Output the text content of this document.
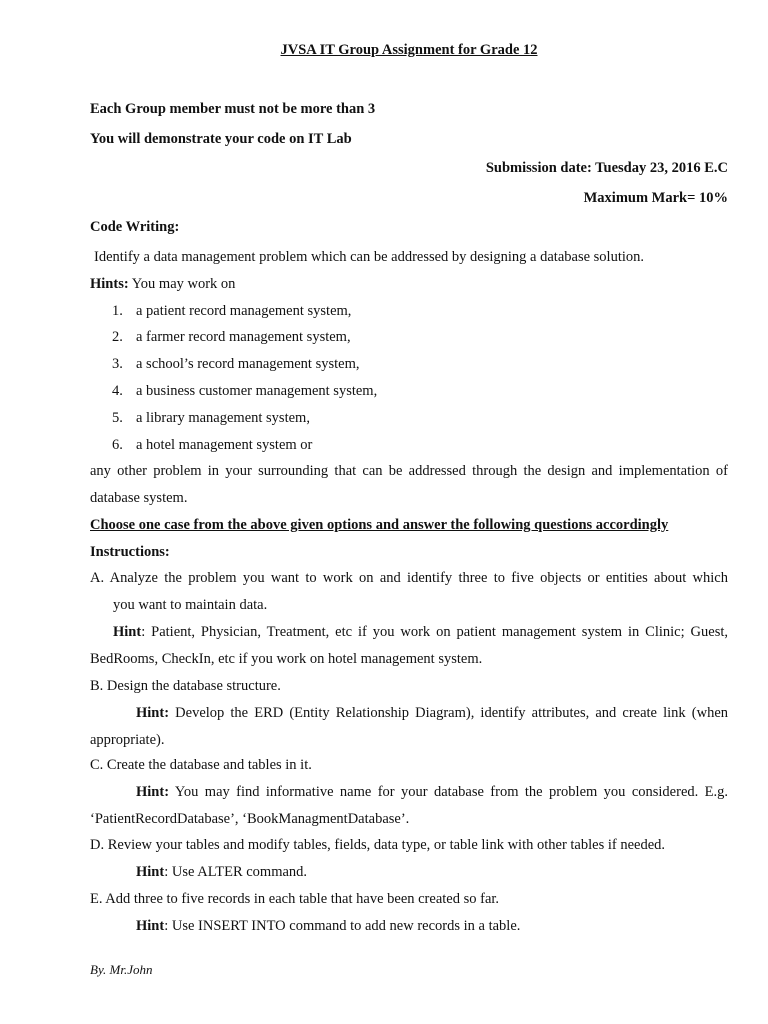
JVSA IT Group Assignment for Grade 12
Each Group member must not be more than 3
You will demonstrate your code on IT Lab
Submission date: Tuesday 23, 2016 E.C
Maximum Mark= 10%
Code Writing:
Identify a data management problem which can be addressed by designing a database solution.
Hints: You may work on
1. a patient record management system,
2. a farmer record management system,
3. a school’s record management system,
4. a business customer management system,
5. a library management system,
6. a hotel management system or
any other problem in your surrounding that can be addressed through the design and implementation of
database system.
Choose one case from the above given options and answer the following questions accordingly
Instructions:
A. Analyze the problem you want to work on and identify three to five objects or entities about which
you want to maintain data.
Hint: Patient, Physician, Treatment, etc if you work on patient management system in Clinic; Guest,
BedRooms, CheckIn, etc if you work on hotel management system.
B. Design the database structure.
Hint: Develop the ERD (Entity Relationship Diagram), identify attributes, and create link (when
appropriate).
C. Create the database and tables in it.
Hint: You may find informative name for your database from the problem you considered. E.g.
‘PatientRecordDatabase’, ‘BookManagmentDatabase’.
D. Review your tables and modify tables, fields, data type, or table link with other tables if needed.
Hint: Use ALTER command.
E. Add three to five records in each table that have been created so far.
Hint: Use INSERT INTO command to add new records in a table.
By. Mr.John
